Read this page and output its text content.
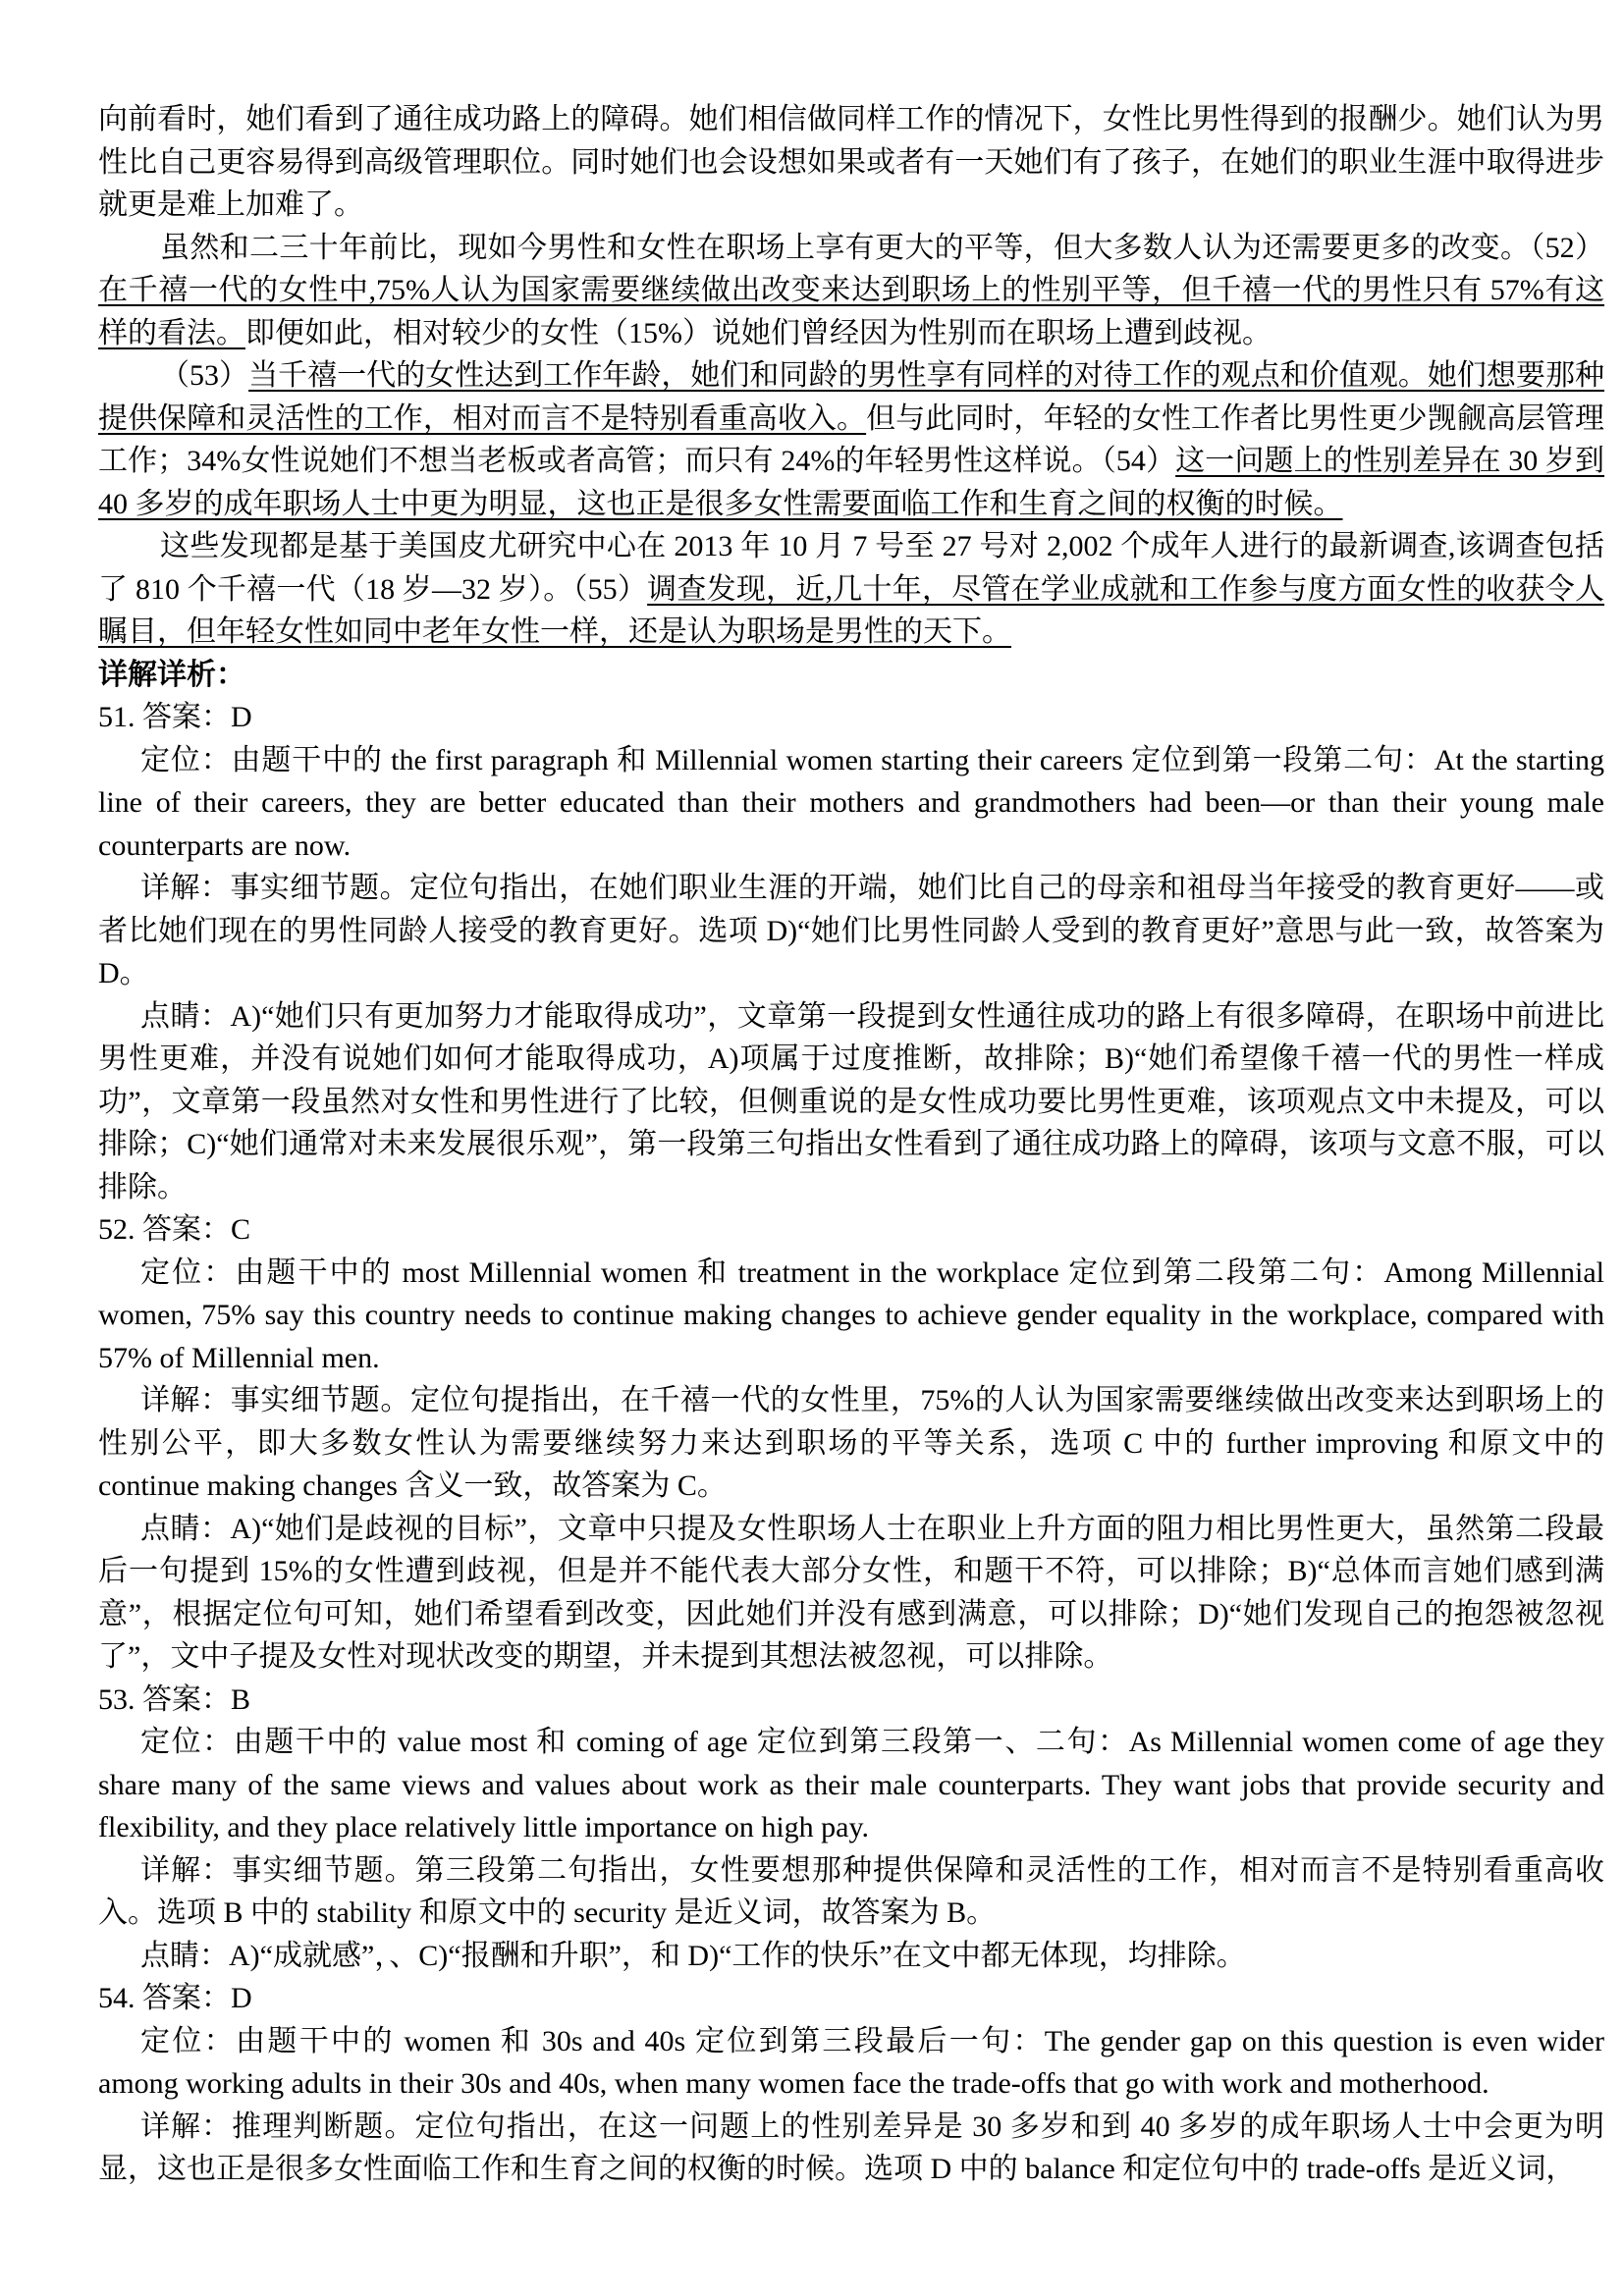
向前看时，她们看到了通往成功路上的障碍。她们相信做同样工作的情况下，女性比男性得到的报酬少。她们认为男性比自己更容易得到高级管理职位。同时她们也会设想如果或者有一天她们有了孩子，在她们的职业生涯中取得进步就更是难上加难了。
虽然和二三十年前比，现如今男性和女性在职场上享有更大的平等，但大多数人认为还需要更多的改变。（52）在千禧一代的女性中,75%人认为国家需要继续做出改变来达到职场上的性别平等，但千禧一代的男性只有 57%有这样的看法。即便如此，相对较少的女性（15%）说她们曾经因为性别而在职场上遭到歧视。
（53）当千禧一代的女性达到工作年龄，她们和同龄的男性享有同样的对待工作的观点和价值观。她们想要那种提供保障和灵活性的工作，相对而言不是特别看重高收入。但与此同时，年轻的女性工作者比男性更少觊觎高层管理工作；34%女性说她们不想当老板或者高管；而只有 24%的年轻男性这样说。（54）这一问题上的性别差异在 30 岁到 40 多岁的成年职场人士中更为明显，这也正是很多女性需要面临工作和生育之间的权衡的时候。
这些发现都是基于美国皮尤研究中心在 2013 年 10 月 7 号至 27 号对 2,002 个成年人进行的最新调查,该调查包括了 810 个千禧一代（18 岁—32 岁）。（55）调查发现，近,几十年，尽管在学业成就和工作参与度方面女性的收获令人瞩目，但年轻女性如同中老年女性一样，还是认为职场是男性的天下。
详解详析：
51. 答案：D
定位：由题干中的 the first paragraph 和 Millennial women starting their careers 定位到第一段第二句：At the starting line of their careers, they are better educated than their mothers and grandmothers had been—or than their young male counterparts are now.
详解：事实细节题。定位句指出，在她们职业生涯的开端，她们比自己的母亲和祖母当年接受的教育更好——或者比她们现在的男性同龄人接受的教育更好。选项 D)“她们比男性同龄人受到的教育更好”意思与此一致，故答案为 D。
点睛：A)“她们只有更加努力才能取得成功”，文章第一段提到女性通往成功的路上有很多障碍，在职场中前进比男性更难，并没有说她们如何才能取得成功，A)项属于过度推断，故排除；B)“她们希望像千禧一代的男性一样成功”，文章第一段虽然对女性和男性进行了比较，但侧重说的是女性成功要比男性更难，该项观点文中未提及，可以排除；C)“她们通常对未来发展很乐观”，第一段第三句指出女性看到了通往成功路上的障碍，该项与文意不服，可以排除。
52. 答案：C
定位：由题干中的 most Millennial women 和 treatment in the workplace 定位到第二段第二句：Among Millennial women, 75% say this country needs to continue making changes to achieve gender equality in the workplace, compared with 57% of Millennial men.
详解：事实细节题。定位句提指出，在千禧一代的女性里，75%的人认为国家需要继续做出改变来达到职场上的性别公平，即大多数女性认为需要继续努力来达到职场的平等关系，选项 C 中的 further improving 和原文中的 continue making changes 含义一致，故答案为 C。
点睛：A)“她们是歧视的目标”，文章中只提及女性职场人士在职业上升方面的阻力相比男性更大，虽然第二段最后一句提到 15%的女性遭到歧视，但是并不能代表大部分女性，和题干不符，可以排除；B)“总体而言她们感到满意”，根据定位句可知，她们希望看到改变，因此她们并没有感到满意，可以排除；D)“她们发现自己的抱怨被忽视了”，文中子提及女性对现状改变的期望，并未提到其想法被忽视，可以排除。
53. 答案：B
定位：由题干中的 value most 和 coming of age 定位到第三段第一、二句：As Millennial women come of age they share many of the same views and values about work as their male counterparts. They want jobs that provide security and flexibility, and they place relatively little importance on high pay.
详解：事实细节题。第三段第二句指出，女性要想那种提供保障和灵活性的工作，相对而言不是特别看重高收入。选项 B 中的 stability 和原文中的 security 是近义词，故答案为 B。
点睛：A)“成就感”，、C)“报酬和升职”，和 D)“工作的快乐”在文中都无体现，均排除。
54. 答案：D
定位：由题干中的 women 和 30s and 40s 定位到第三段最后一句：The gender gap on this question is even wider among working adults in their 30s and 40s, when many women face the trade-offs that go with work and motherhood.
详解：推理判断题。定位句指出，在这一问题上的性别差异是 30 多岁和到 40 多岁的成年职场人士中会更为明显，这也正是很多女性面临工作和生育之间的权衡的时候。选项 D 中的 balance 和定位句中的 trade-offs 是近义词，
